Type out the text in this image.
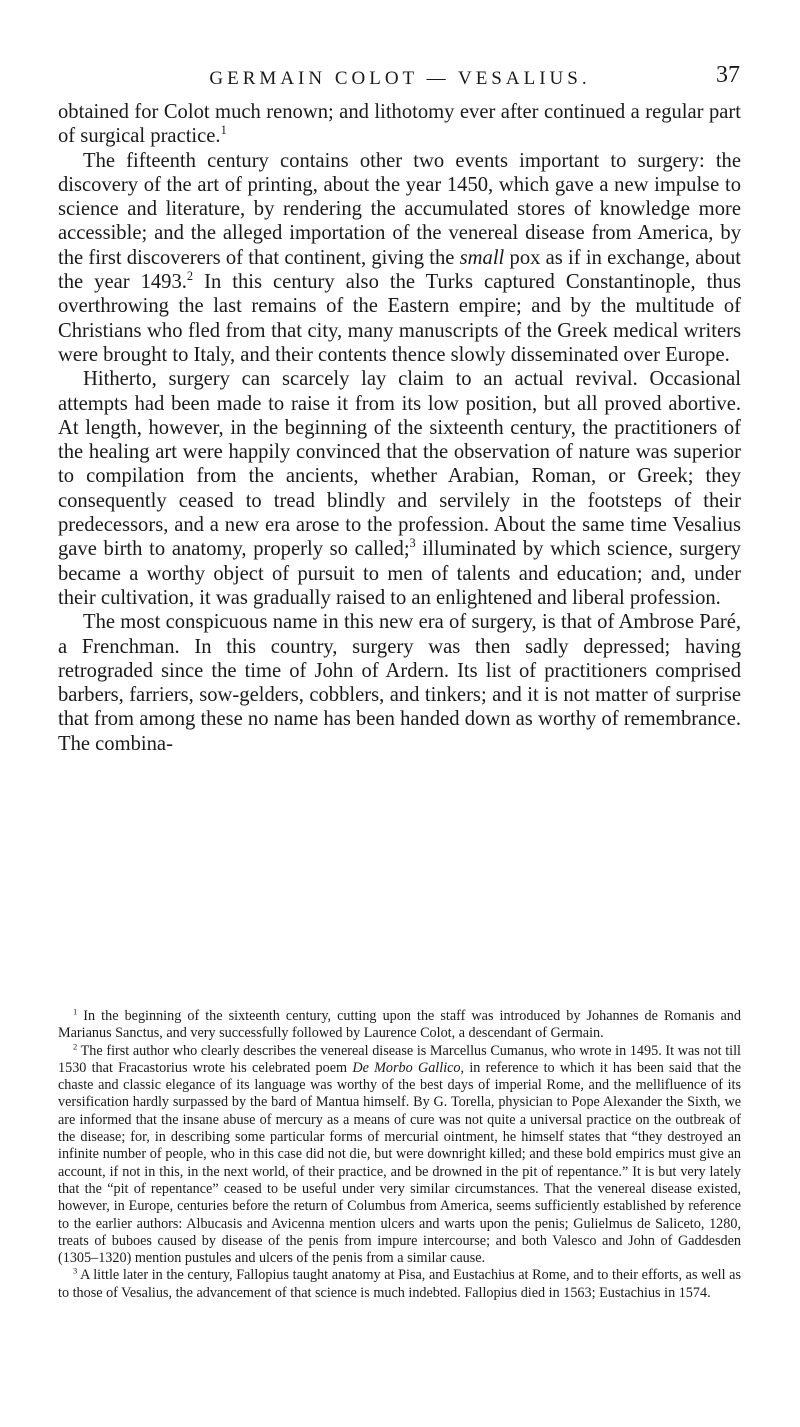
GERMAIN COLOT — VESALIUS.	37

obtained for Colot much renown; and lithotomy ever after continued a regular part of surgical practice.$^1$

The fifteenth century contains other two events important to surgery: the discovery of the art of printing, about the year 1450, which gave a new impulse to science and literature, by rendering the accumulated stores of knowledge more accessible; and the alleged importation of the venereal disease from America, by the first discoverers of that continent, giving the small pox as if in exchange, about the year 1493.$^2$ In this century also the Turks captured Constantinople, thus overthrowing the last remains of the Eastern empire; and by the multitude of Christians who fled from that city, many manuscripts of the Greek medical writers were brought to Italy, and their contents thence slowly disseminated over Europe.

Hitherto, surgery can scarcely lay claim to an actual revival. Occasional attempts had been made to raise it from its low position, but all proved abortive. At length, however, in the beginning of the sixteenth century, the practitioners of the healing art were happily convinced that the observation of nature was superior to compilation from the ancients, whether Arabian, Roman, or Greek; they consequently ceased to tread blindly and servilely in the footsteps of their predecessors, and a new era arose to the profession. About the same time Vesalius gave birth to anatomy, properly so called;$^3$ illuminated by which science, surgery became a worthy object of pursuit to men of talents and education; and, under their cultivation, it was gradually raised to an enlightened and liberal profession.

The most conspicuous name in this new era of surgery, is that of Ambrose Paré, a Frenchman. In this country, surgery was then sadly depressed; having retrograded since the time of John of Ardern. Its list of practitioners comprised barbers, farriers, sow-gelders, cobblers, and tinkers; and it is not matter of surprise that from among these no name has been handed down as worthy of remembrance. The combina-

$^1$ In the beginning of the sixteenth century, cutting upon the staff was introduced by Johannes de Romanis and Marianus Sanctus, and very successfully followed by Laurence Colot, a descendant of Germain.

$^2$ The first author who clearly describes the venereal disease is Marcellus Cumanus, who wrote in 1495. It was not till 1530 that Fracastorius wrote his celebrated poem De Morbo Gallico, in reference to which it has been said that the chaste and classic elegance of its language was worthy of the best days of imperial Rome, and the mellifluence of its versification hardly surpassed by the bard of Mantua himself. By G. Torella, physician to Pope Alexander the Sixth, we are informed that the insane abuse of mercury as a means of cure was not quite a universal practice on the outbreak of the disease; for, in describing some particular forms of mercurial ointment, he himself states that “they destroyed an infinite number of people, who in this case did not die, but were downright killed; and these bold empirics must give an account, if not in this, in the next world, of their practice, and be drowned in the pit of repentance.” It is but very lately that the “pit of repentance” ceased to be useful under very similar circumstances. That the venereal disease existed, however, in Europe, centuries before the return of Columbus from America, seems sufficiently established by reference to the earlier authors: Albucasis and Avicenna mention ulcers and warts upon the penis; Gulielmus de Saliceto, 1280, treats of buboes caused by disease of the penis from impure intercourse; and both Valesco and John of Gaddesden (1305–1320) mention pustules and ulcers of the penis from a similar cause.

$^3$ A little later in the century, Fallopius taught anatomy at Pisa, and Eustachius at Rome, and to their efforts, as well as to those of Vesalius, the advancement of that science is much indebted. Fallopius died in 1563; Eustachius in 1574.
